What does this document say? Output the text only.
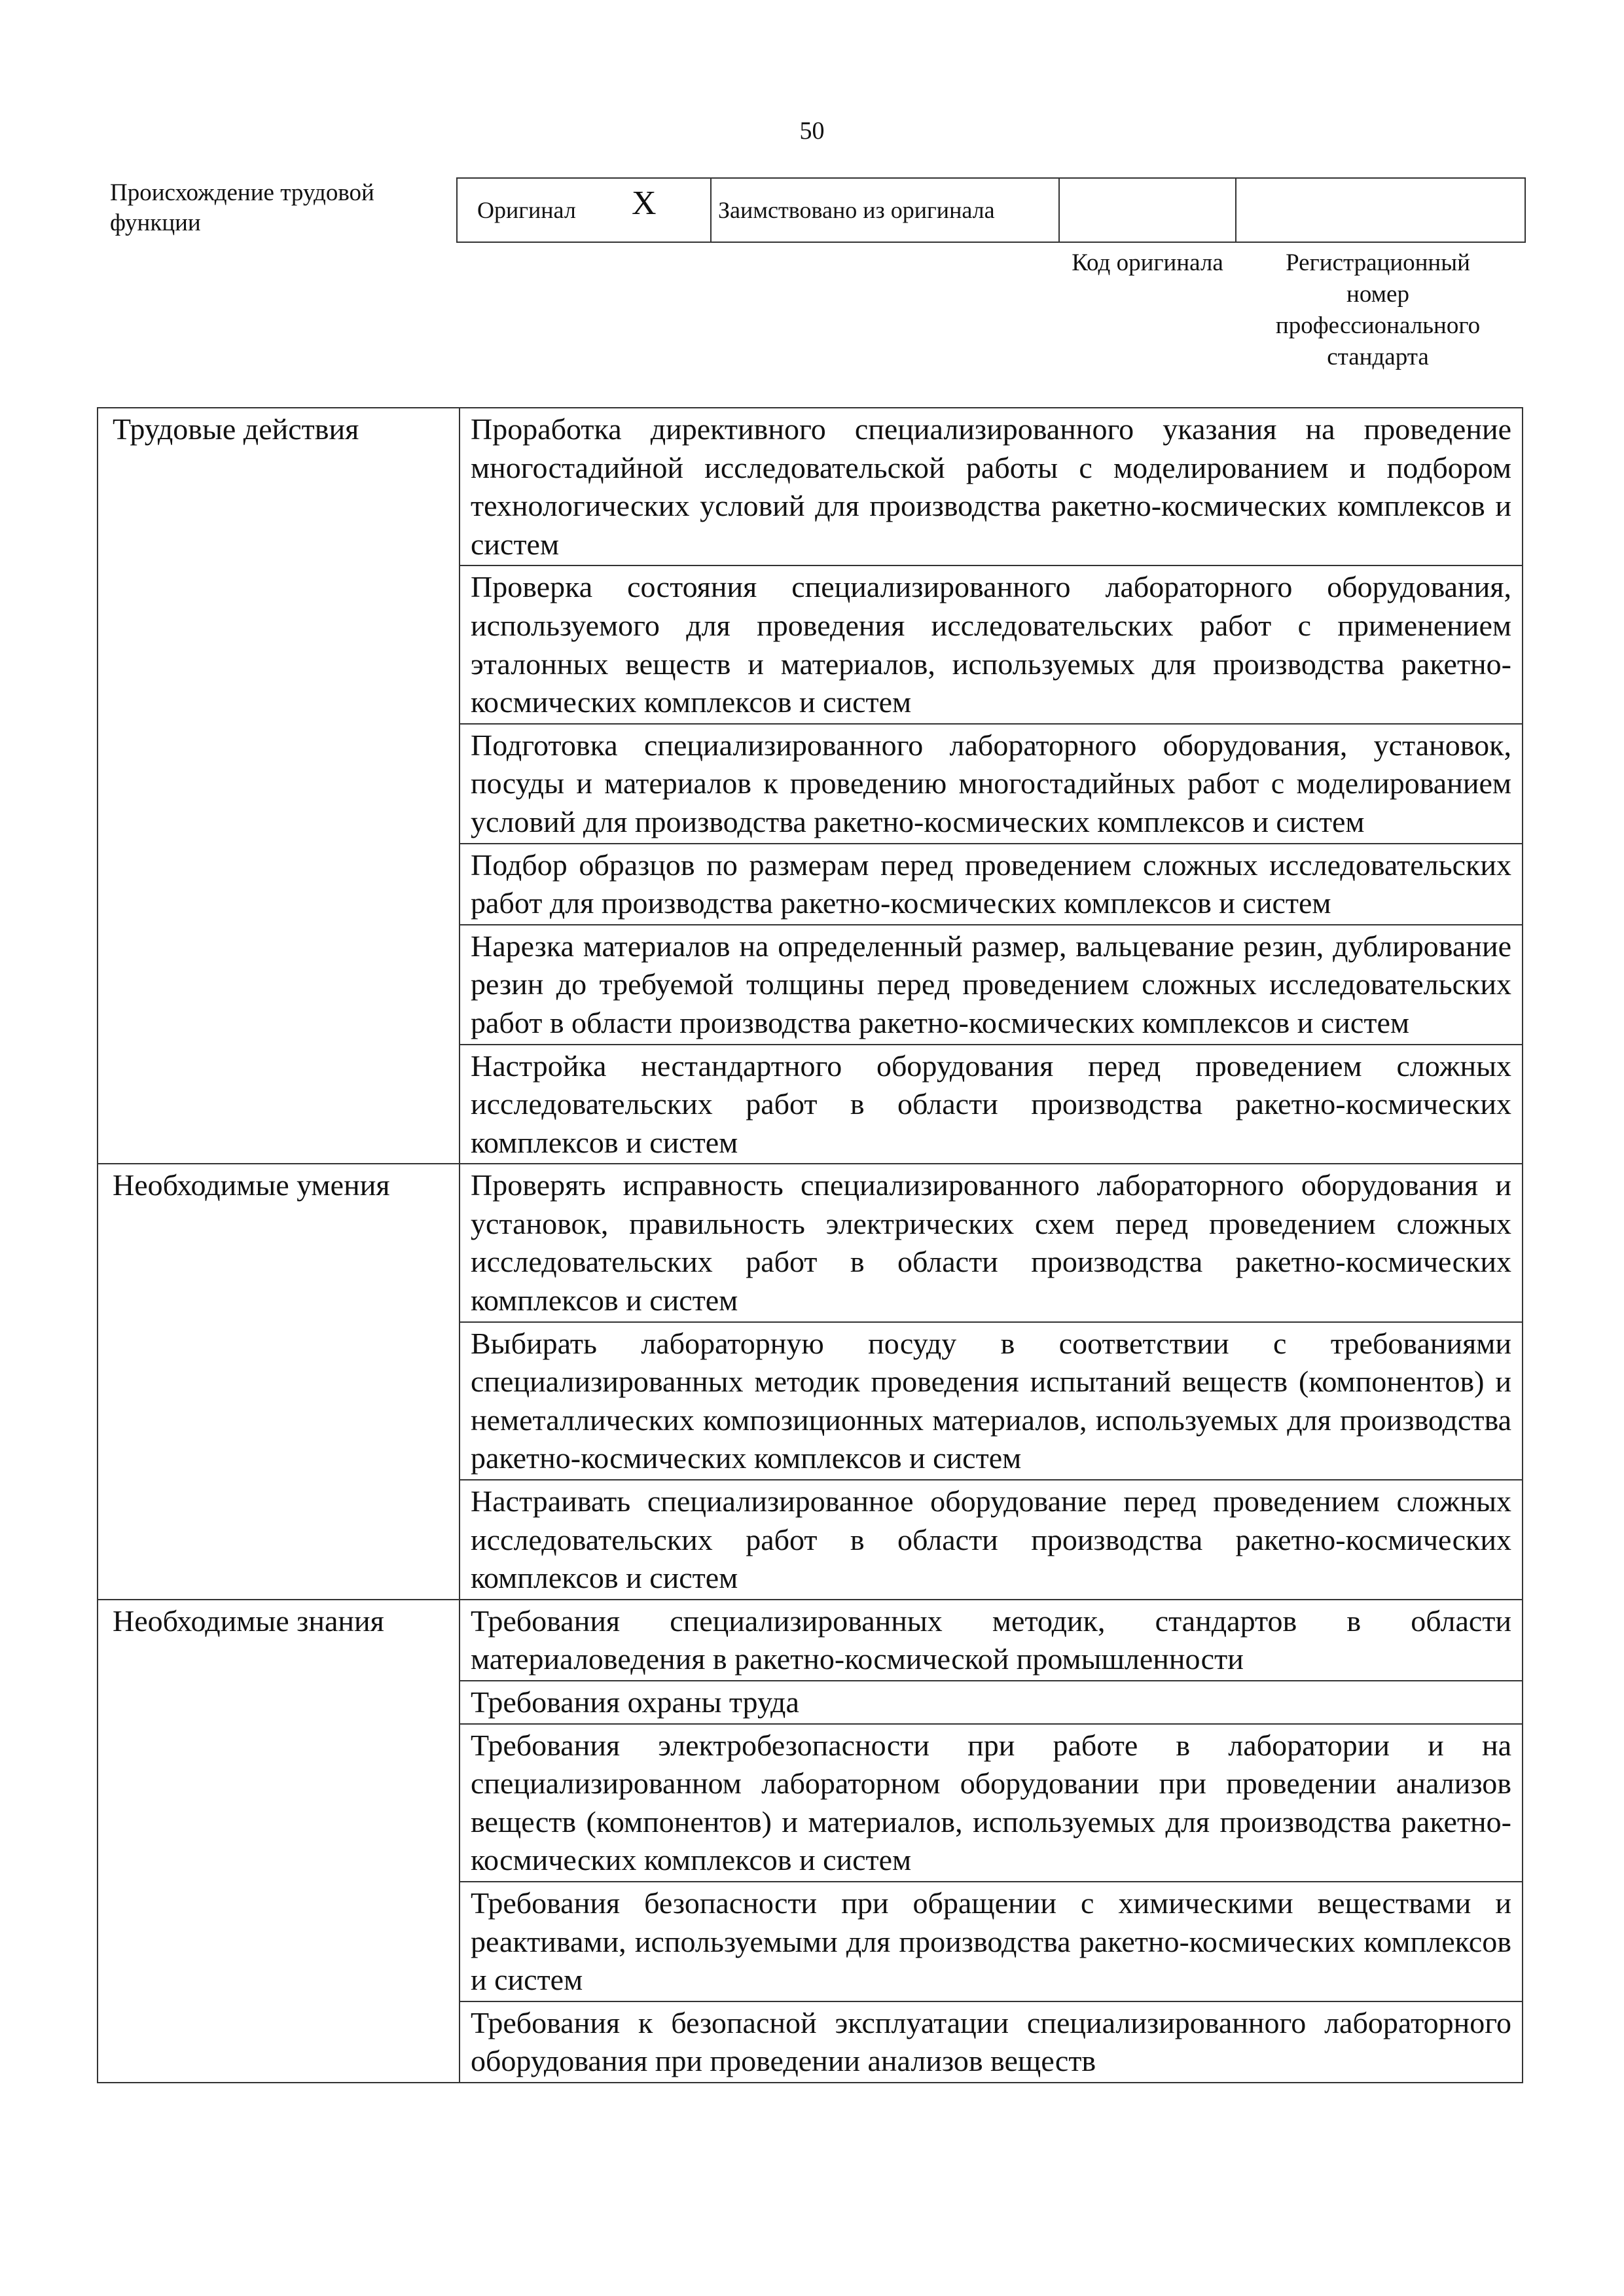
50
Происхождение трудовой функции	Оригинал X	Заимствовано из оригинала		
Код оригинала	Регистрационный номер профессионального стандарта
Трудовые действия	Проработка директивного специализированного указания на проведение многостадийной исследовательской работы с моделированием и подбором технологических условий для производства ракетно-космических комплексов и систем
	Проверка состояния специализированного лабораторного оборудования, используемого для проведения исследовательских работ с применением эталонных веществ и материалов, используемых для производства ракетно-космических комплексов и систем
	Подготовка специализированного лабораторного оборудования, установок, посуды и материалов к проведению многостадийных работ с моделированием условий для производства ракетно-космических комплексов и систем
	Подбор образцов по размерам перед проведением сложных исследовательских работ для производства ракетно-космических комплексов и систем
	Нарезка материалов на определенный размер, вальцевание резин, дублирование резин до требуемой толщины перед проведением сложных исследовательских работ в области производства ракетно-космических комплексов и систем
	Настройка нестандартного оборудования перед проведением сложных исследовательских работ в области производства ракетно-космических комплексов и систем
Необходимые умения	Проверять исправность специализированного лабораторного оборудования и установок, правильность электрических схем перед проведением сложных исследовательских работ в области производства ракетно-космических комплексов и систем
	Выбирать лабораторную посуду в соответствии с требованиями специализированных методик проведения испытаний веществ (компонентов) и неметаллических композиционных материалов, используемых для производства ракетно-космических комплексов и систем
	Настраивать специализированное оборудование перед проведением сложных исследовательских работ в области производства ракетно-космических комплексов и систем
Необходимые знания	Требования специализированных методик, стандартов в области материаловедения в ракетно-космической промышленности
	Требования охраны труда
	Требования электробезопасности при работе в лаборатории и на специализированном лабораторном оборудовании при проведении анализов веществ (компонентов) и материалов, используемых для производства ракетно-космических комплексов и систем
	Требования безопасности при обращении с химическими веществами и реактивами, используемыми для производства ракетно-космических комплексов и систем
	Требования к безопасной эксплуатации специализированного лабораторного оборудования при проведении анализов веществ
